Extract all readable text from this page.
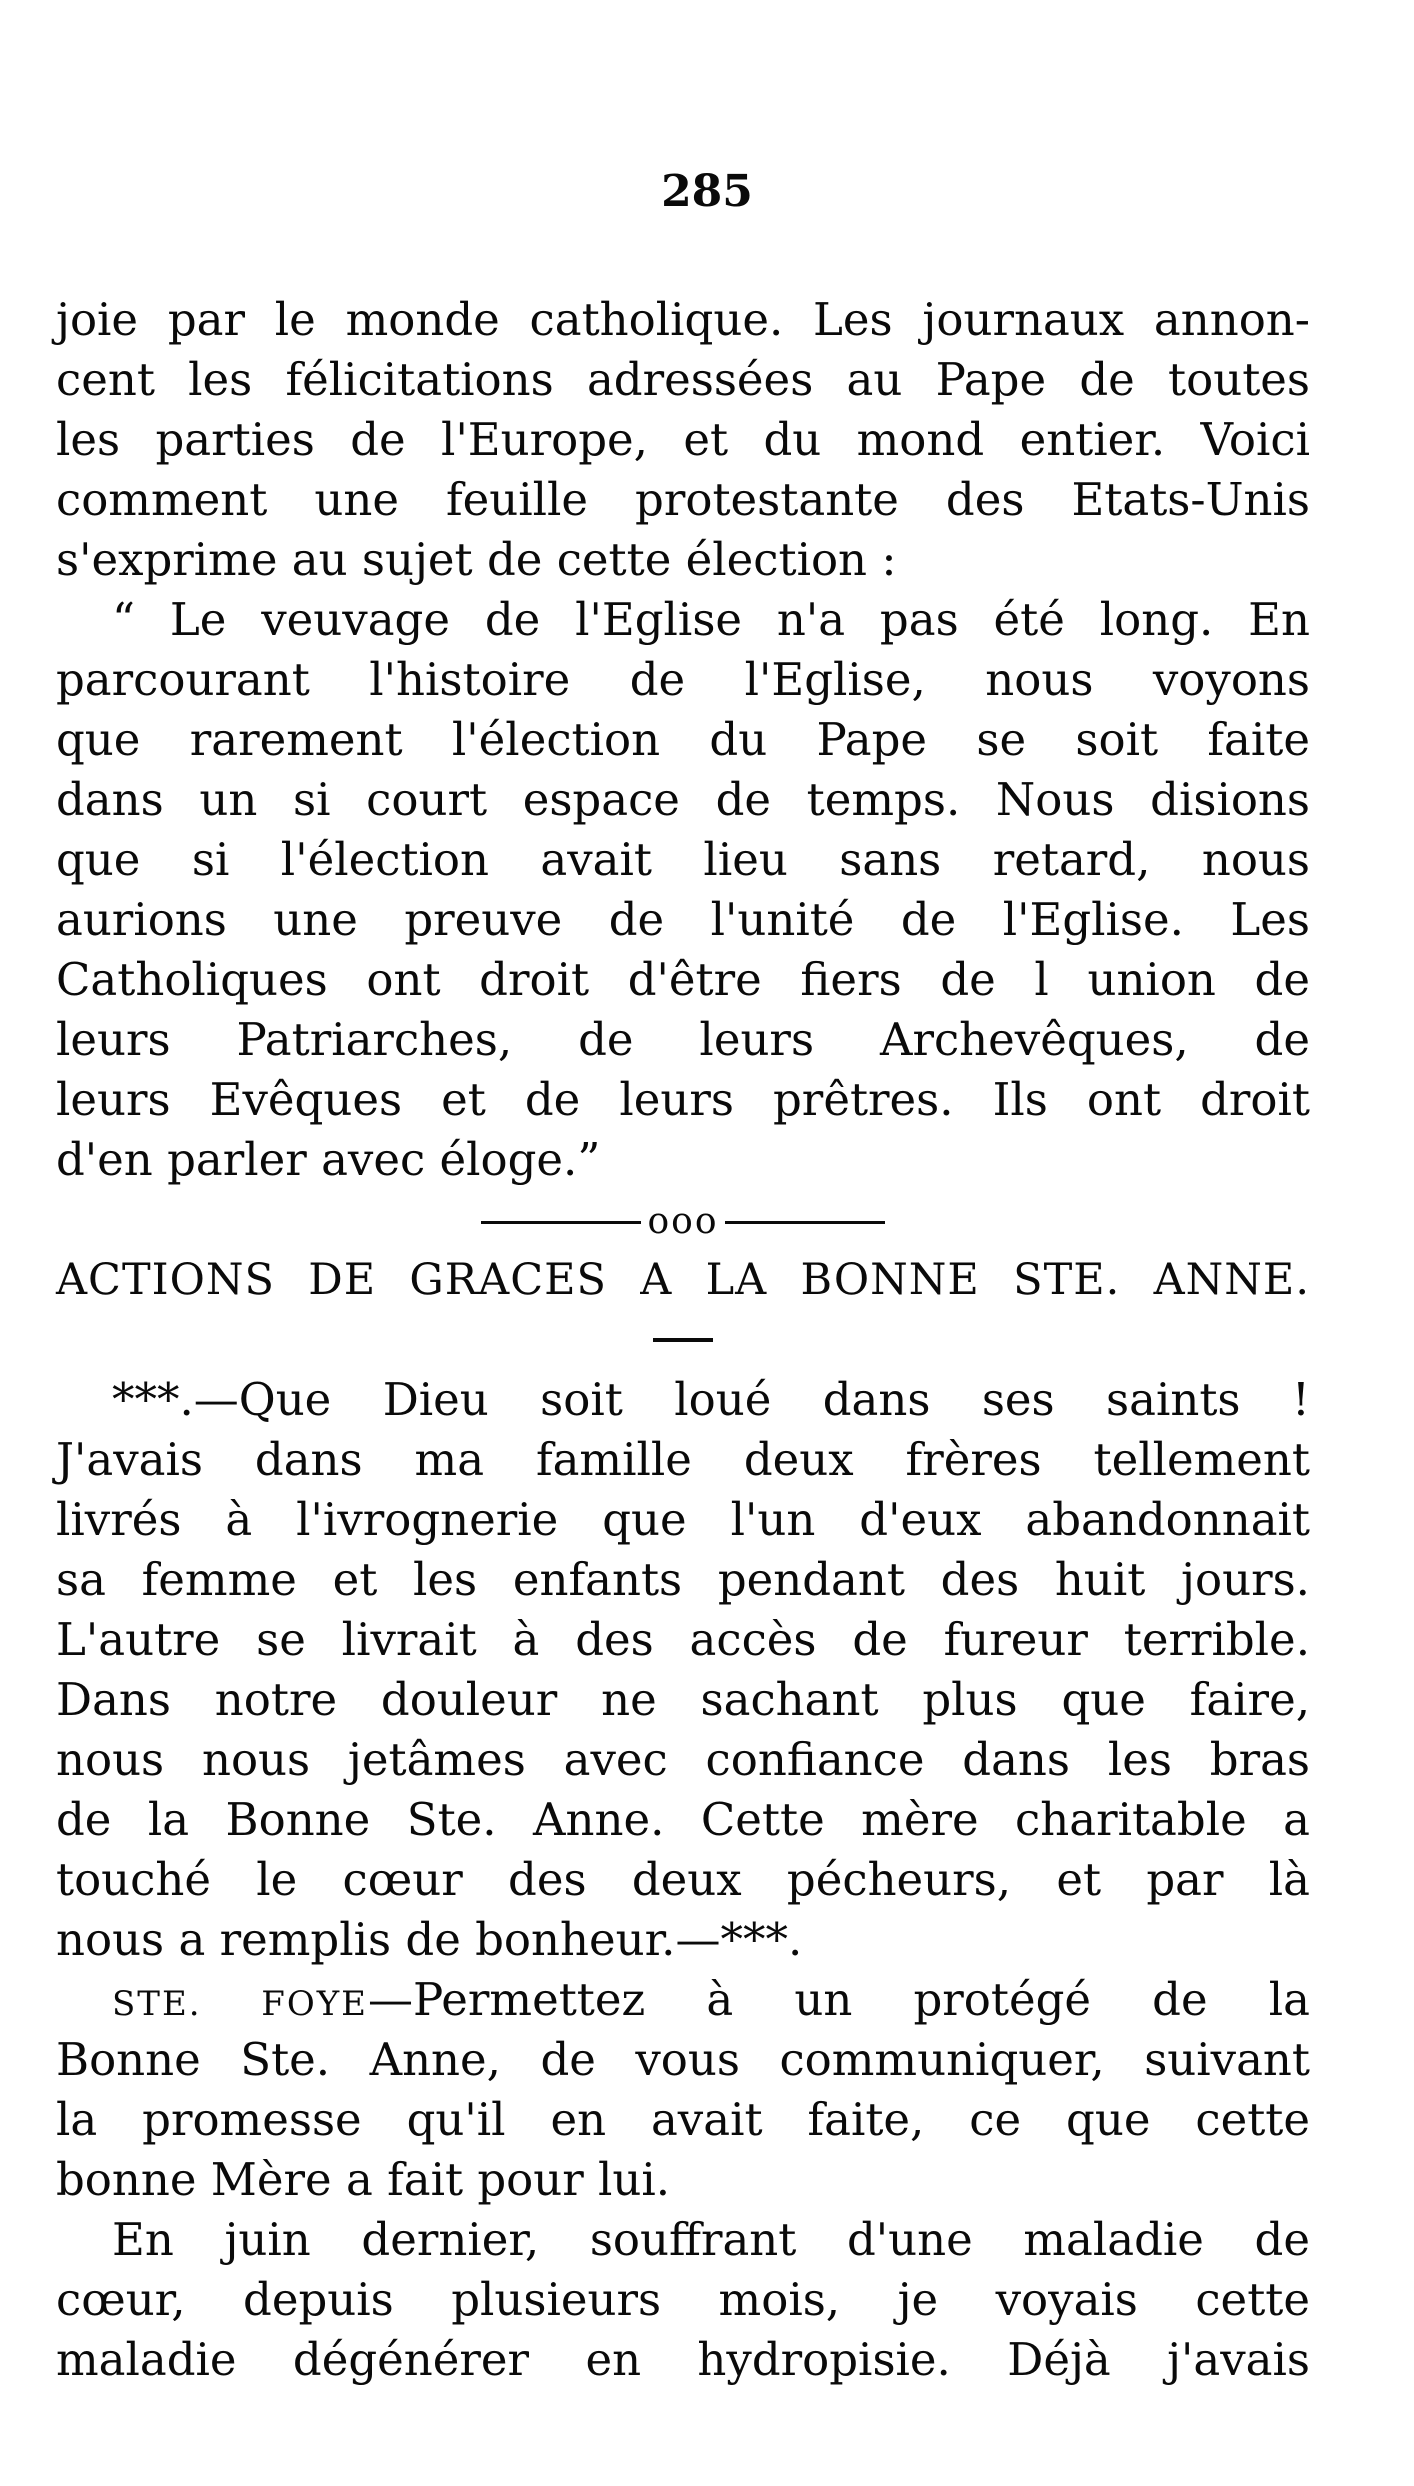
285
joie par le monde catholique. Les journaux annon-
cent les félicitations adressées au Pape de toutes
les parties de l'Europe, et du mond entier. Voici
comment une feuille protestante des Etats-Unis
s'exprime au sujet de cette élection :
“ Le veuvage de l'Eglise n'a pas été long. En
parcourant l'histoire de l'Eglise, nous voyons
que rarement l'élection du Pape se soit faite
dans un si court espace de temps. Nous disions
que si l'élection avait lieu sans retard, nous
aurions une preuve de l'unité de l'Eglise. Les
Catholiques ont droit d'être fiers de l union de
leurs Patriarches, de leurs Archevêques, de
leurs Evêques et de leurs prêtres. Ils ont droit
d'en parler avec éloge.”
ooo
ACTIONS DE GRACES A LA BONNE STE. ANNE.
***.—Que Dieu soit loué dans ses saints !
J'avais dans ma famille deux frères tellement
livrés à l'ivrognerie que l'un d'eux abandonnait
sa femme et les enfants pendant des huit jours.
L'autre se livrait à des accès de fureur terrible.
Dans notre douleur ne sachant plus que faire,
nous nous jetâmes avec confiance dans les bras
de la Bonne Ste. Anne. Cette mère charitable a
touché le cœur des deux pécheurs, et par là
nous a remplis de bonheur.—***.
STE. FOYE—Permettez à un protégé de la
Bonne Ste. Anne, de vous communiquer, suivant
la promesse qu'il en avait faite, ce que cette
bonne Mère a fait pour lui.
En juin dernier, souffrant d'une maladie de
cœur, depuis plusieurs mois, je voyais cette
maladie dégénérer en hydropisie. Déjà j'avais
